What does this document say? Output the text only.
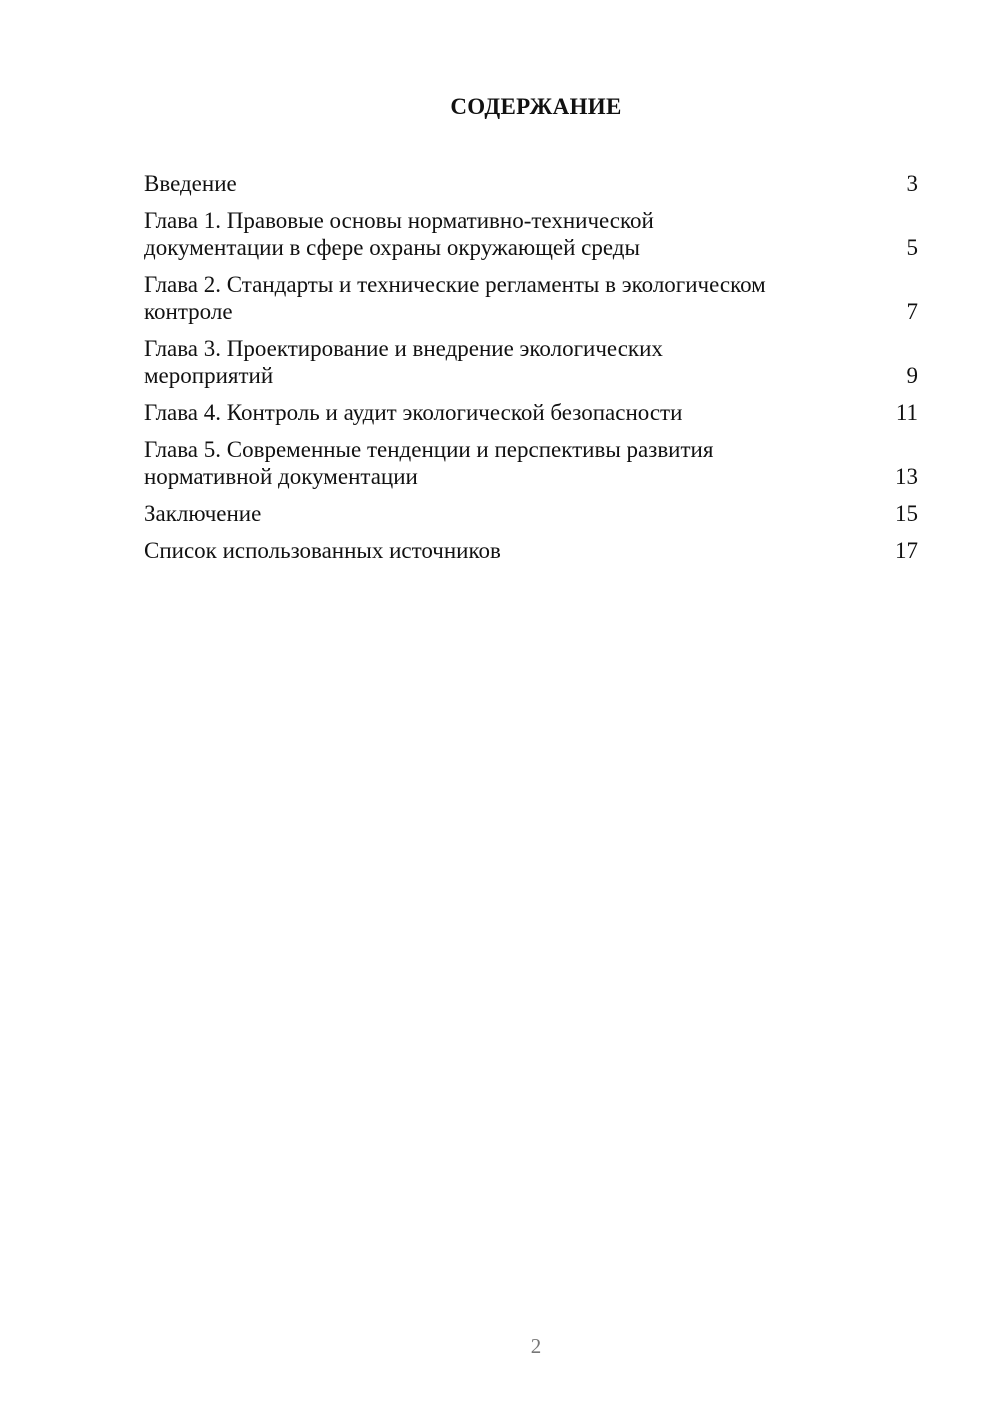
СОДЕРЖАНИЕ
Введение	3
Глава 1. Правовые основы нормативно-технической
документации в сфере охраны окружающей среды	5
Глава 2. Стандарты и технические регламенты в экологическом
контроле	7
Глава 3. Проектирование и внедрение экологических
мероприятий	9
Глава 4. Контроль и аудит экологической безопасности	11
Глава 5. Современные тенденции и перспективы развития
нормативной документации	13
Заключение	15
Список использованных источников	17
2
